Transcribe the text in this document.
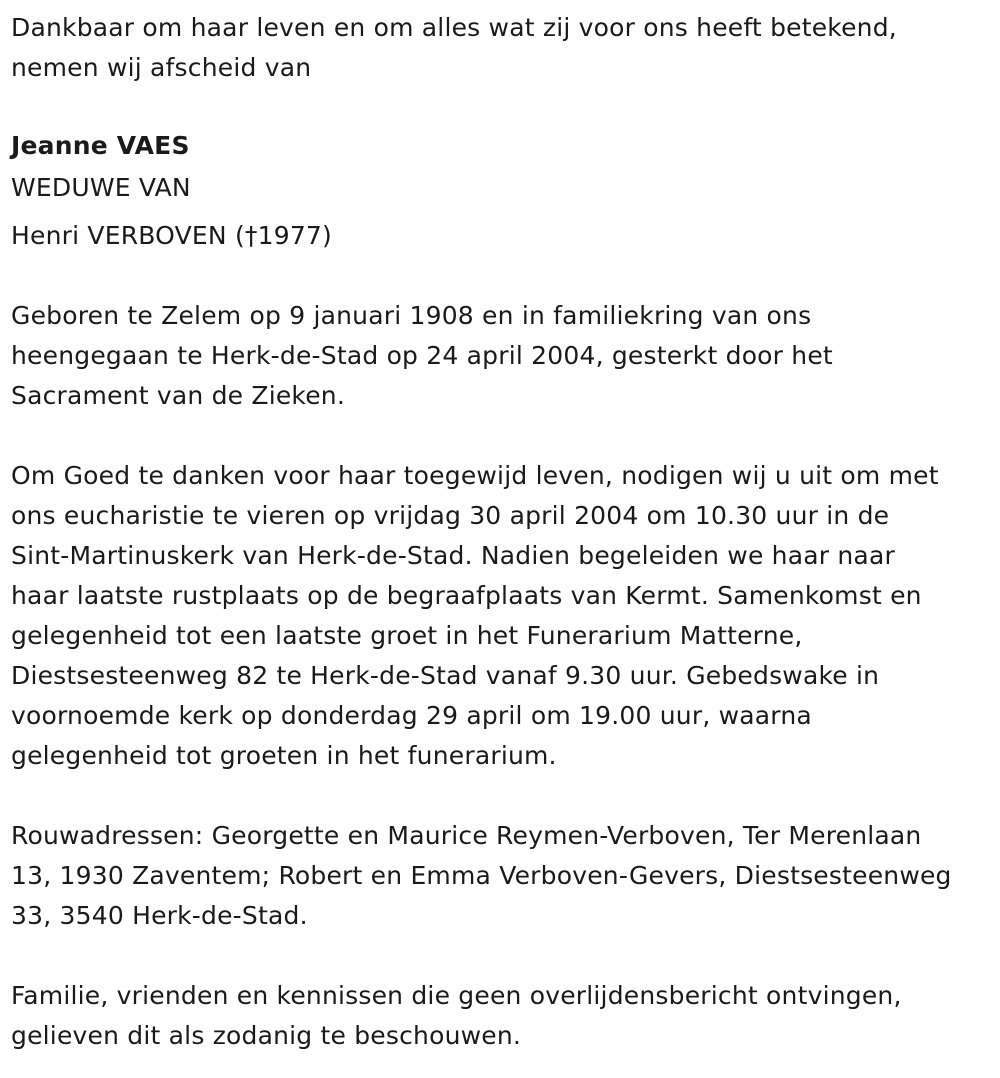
Dankbaar om haar leven en om alles wat zij voor ons heeft betekend,
nemen wij afscheid van

Jeanne VAES

WEDUWE VAN

Henri VERBOVEN (†1977)

Geboren te Zelem op 9 januari 1908 en in familiekring van ons
heengegaan te Herk-de-Stad op 24 april 2004, gesterkt door het
Sacrament van de Zieken.

Om Goed te danken voor haar toegewijd leven, nodigen wij u uit om met
ons eucharistie te vieren op vrijdag 30 april 2004 om 10.30 uur in de
Sint-Martinuskerk van Herk-de-Stad. Nadien begeleiden we haar naar
haar laatste rustplaats op de begraafplaats van Kermt. Samenkomst en
gelegenheid tot een laatste groet in het Funerarium Matterne,
Diestsesteenweg 82 te Herk-de-Stad vanaf 9.30 uur. Gebedswake in
voornoemde kerk op donderdag 29 april om 19.00 uur, waarna
gelegenheid tot groeten in het funerarium.

Rouwadressen: Georgette en Maurice Reymen-Verboven, Ter Merenlaan
13, 1930 Zaventem; Robert en Emma Verboven-Gevers, Diestsesteenweg
33, 3540 Herk-de-Stad.

Familie, vrienden en kennissen die geen overlijdensbericht ontvingen,
gelieven dit als zodanig te beschouwen.
